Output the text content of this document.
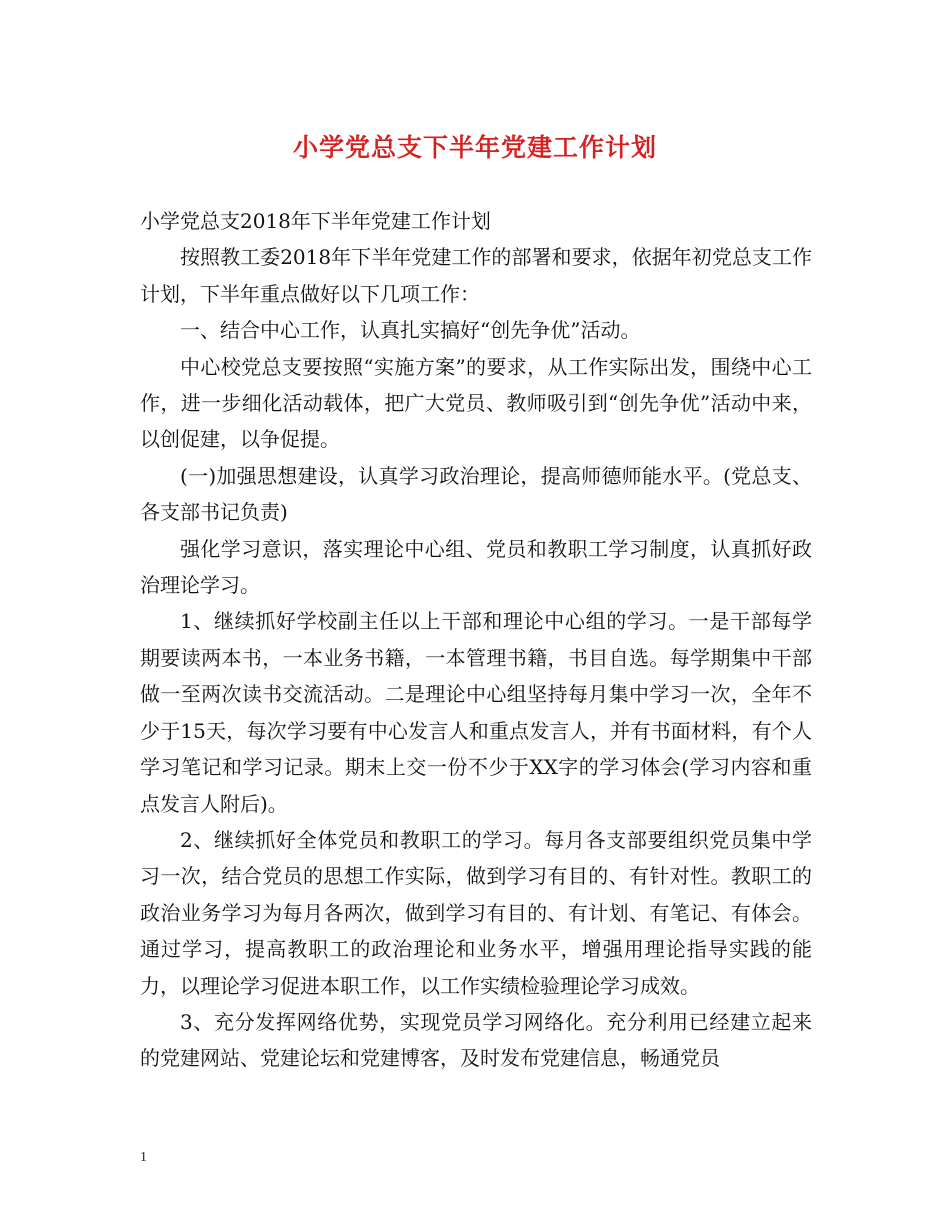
小学党总支下半年党建工作计划

小学党总支2018年下半年党建工作计划

按照教工委2018年下半年党建工作的部署和要求，依据年初党总支工作计划，下半年重点做好以下几项工作：

一、结合中心工作，认真扎实搞好“创先争优”活动。

中心校党总支要按照“实施方案”的要求，从工作实际出发，围绕中心工作，进一步细化活动载体，把广大党员、教师吸引到“创先争优”活动中来，以创促建，以争促提。

(一)加强思想建设，认真学习政治理论，提高师德师能水平。(党总支、各支部书记负责)

强化学习意识，落实理论中心组、党员和教职工学习制度，认真抓好政治理论学习。

1、继续抓好学校副主任以上干部和理论中心组的学习。一是干部每学期要读两本书，一本业务书籍，一本管理书籍，书目自选。每学期集中干部做一至两次读书交流活动。二是理论中心组坚持每月集中学习一次，全年不少于15天，每次学习要有中心发言人和重点发言人，并有书面材料，有个人学习笔记和学习记录。期末上交一份不少于XX字的学习体会(学习内容和重点发言人附后)。

2、继续抓好全体党员和教职工的学习。每月各支部要组织党员集中学习一次，结合党员的思想工作实际，做到学习有目的、有针对性。教职工的政治业务学习为每月各两次，做到学习有目的、有计划、有笔记、有体会。通过学习，提高教职工的政治理论和业务水平，增强用理论指导实践的能力，以理论学习促进本职工作，以工作实绩检验理论学习成效。

3、充分发挥网络优势，实现党员学习网络化。充分利用已经建立起来的党建网站、党建论坛和党建博客，及时发布党建信息，畅通党员

1
